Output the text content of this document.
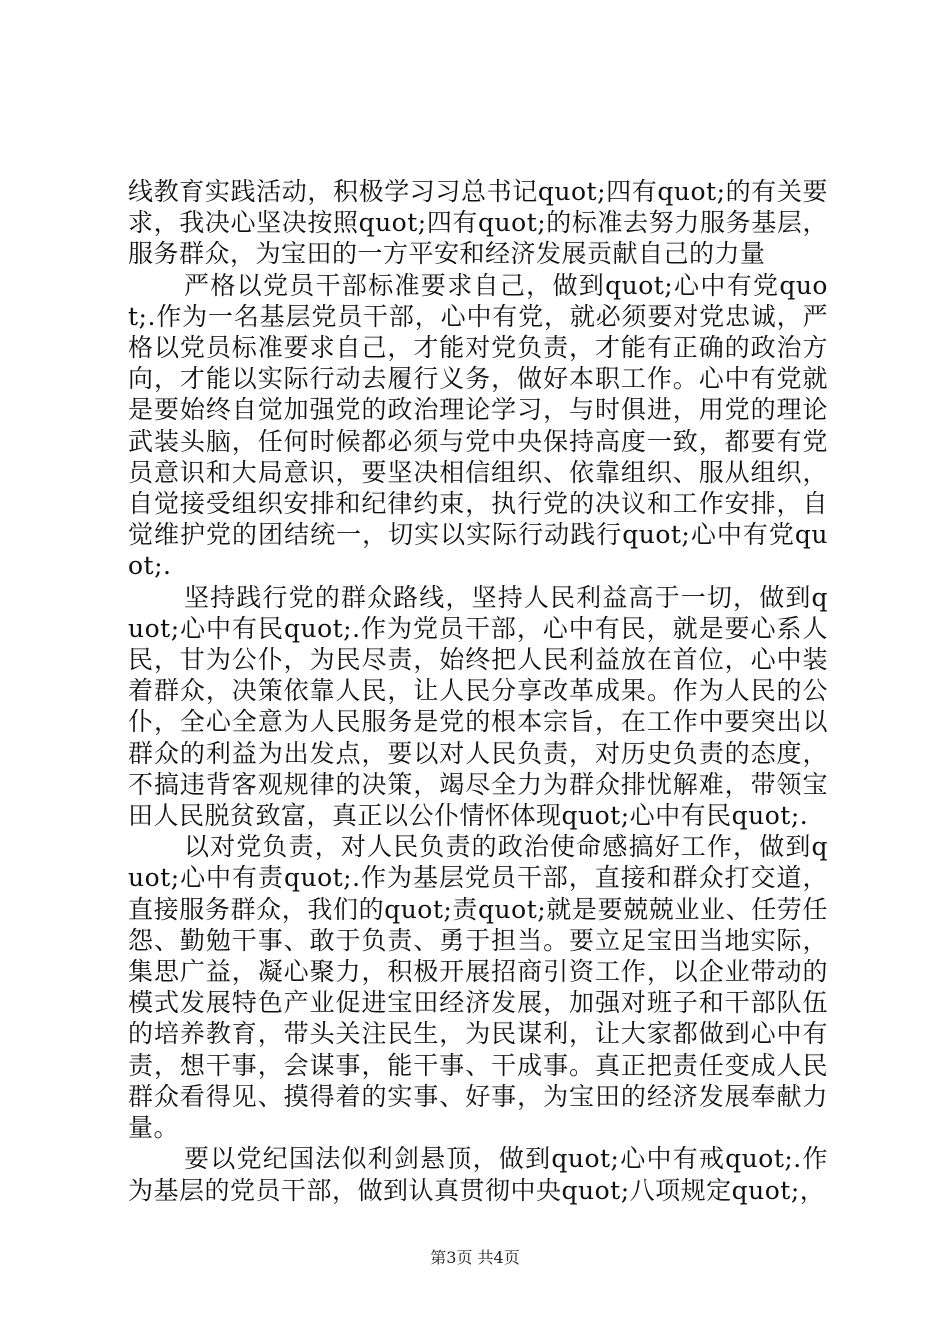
线教育实践活动，积极学习习总书记quot;四有quot;的有关要求，我决心坚决按照quot;四有quot;的标准去努力服务基层，服务群众，为宝田的一方平安和经济发展贡献自己的力量

严格以党员干部标准要求自己，做到quot;心中有党quot;.作为一名基层党员干部，心中有党，就必须要对党忠诚，严格以党员标准要求自己，才能对党负责，才能有正确的政治方向，才能以实际行动去履行义务，做好本职工作。心中有党就是要始终自觉加强党的政治理论学习，与时俱进，用党的理论武装头脑，任何时候都必须与党中央保持高度一致，都要有党员意识和大局意识，要坚决相信组织、依靠组织、服从组织，自觉接受组织安排和纪律约束，执行党的决议和工作安排，自觉维护党的团结统一，切实以实际行动践行quot;心中有党quot;.

坚持践行党的群众路线，坚持人民利益高于一切，做到quot;心中有民quot;.作为党员干部，心中有民，就是要心系人民，甘为公仆，为民尽责，始终把人民利益放在首位，心中装着群众，决策依靠人民，让人民分享改革成果。作为人民的公仆，全心全意为人民服务是党的根本宗旨，在工作中要突出以群众的利益为出发点，要以对人民负责，对历史负责的态度，不搞违背客观规律的决策，竭尽全力为群众排忧解难，带领宝田人民脱贫致富，真正以公仆情怀体现quot;心中有民quot;.

以对党负责，对人民负责的政治使命感搞好工作，做到quot;心中有责quot;.作为基层党员干部，直接和群众打交道，直接服务群众，我们的quot;责quot;就是要兢兢业业、任劳任怨、勤勉干事、敢于负责、勇于担当。要立足宝田当地实际，集思广益，凝心聚力，积极开展招商引资工作，以企业带动的模式发展特色产业促进宝田经济发展，加强对班子和干部队伍的培养教育，带头关注民生，为民谋利，让大家都做到心中有责，想干事，会谋事，能干事、干成事。真正把责任变成人民群众看得见、摸得着的实事、好事，为宝田的经济发展奉献力量。

要以党纪国法似利剑悬顶，做到quot;心中有戒quot;.作为基层的党员干部，做到认真贯彻中央quot;八项规定quot;，

第3页 共4页
